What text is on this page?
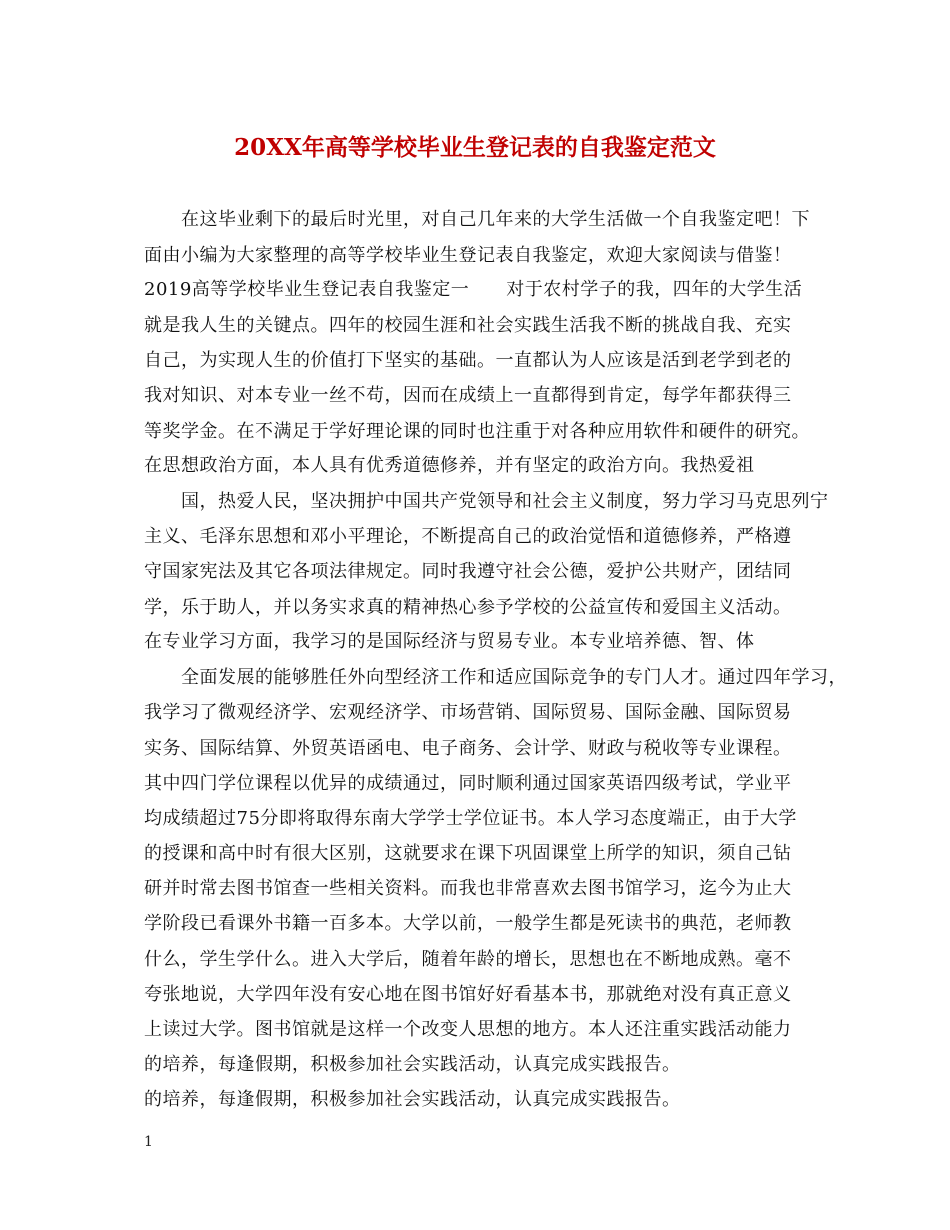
20XX年高等学校毕业生登记表的自我鉴定范文
在这毕业剩下的最后时光里，对自己几年来的大学生活做一个自我鉴定吧！下
面由小编为大家整理的高等学校毕业生登记表自我鉴定，欢迎大家阅读与借鉴！
2019高等学校毕业生登记表自我鉴定一　　对于农村学子的我，四年的大学生活
就是我人生的关键点。四年的校园生涯和社会实践生活我不断的挑战自我、充实
自己，为实现人生的价值打下坚实的基础。一直都认为人应该是活到老学到老的
我对知识、对本专业一丝不苟，因而在成绩上一直都得到肯定，每学年都获得三
等奖学金。在不满足于学好理论课的同时也注重于对各种应用软件和硬件的研究。
在思想政治方面，本人具有优秀道德修养，并有坚定的政治方向。我热爱祖
国，热爱人民，坚决拥护中国共产党领导和社会主义制度，努力学习马克思列宁
主义、毛泽东思想和邓小平理论，不断提高自己的政治觉悟和道德修养，严格遵
守国家宪法及其它各项法律规定。同时我遵守社会公德，爱护公共财产，团结同
学，乐于助人，并以务实求真的精神热心参予学校的公益宣传和爱国主义活动。
在专业学习方面，我学习的是国际经济与贸易专业。本专业培养德、智、体
全面发展的能够胜任外向型经济工作和适应国际竞争的专门人才。通过四年学习，
我学习了微观经济学、宏观经济学、市场营销、国际贸易、国际金融、国际贸易
实务、国际结算、外贸英语函电、电子商务、会计学、财政与税收等专业课程。
其中四门学位课程以优异的成绩通过，同时顺利通过国家英语四级考试，学业平
均成绩超过75分即将取得东南大学学士学位证书。本人学习态度端正，由于大学
的授课和高中时有很大区别，这就要求在课下巩固课堂上所学的知识，须自己钻
研并时常去图书馆查一些相关资料。而我也非常喜欢去图书馆学习，迄今为止大
学阶段已看课外书籍一百多本。大学以前，一般学生都是死读书的典范，老师教
什么，学生学什么。进入大学后，随着年龄的增长，思想也在不断地成熟。毫不
夸张地说，大学四年没有安心地在图书馆好好看基本书，那就绝对没有真正意义
上读过大学。图书馆就是这样一个改变人思想的地方。本人还注重实践活动能力
的培养，每逢假期，积极参加社会实践活动，认真完成实践报告。
的培养，每逢假期，积极参加社会实践活动，认真完成实践报告。
1
